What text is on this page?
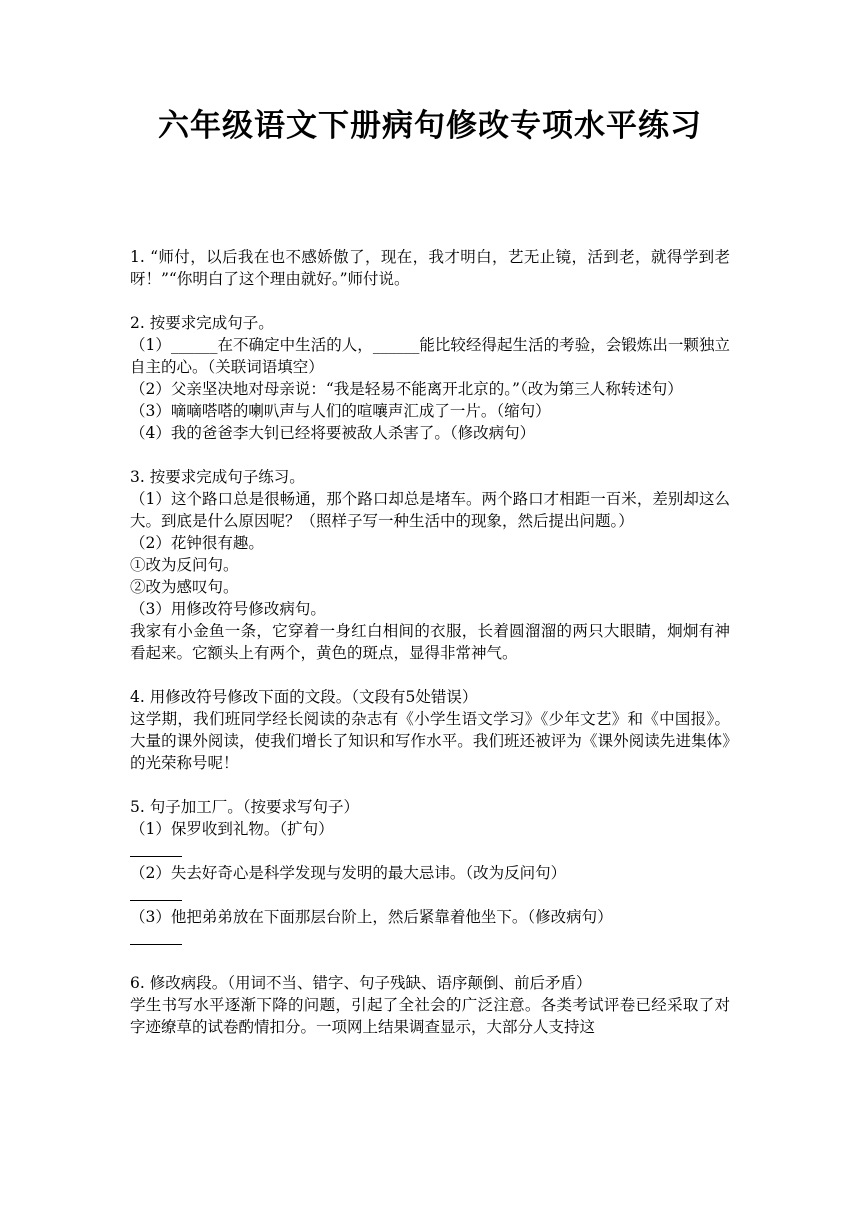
六年级语文下册病句修改专项水平练习
1. “师付，以后我在也不感娇傲了，现在，我才明白，艺无止镜，活到老，就得学到老呀！”“你明白了这个理由就好。”师付说。
2. 按要求完成句子。
（1）______在不确定中生活的人，______能比较经得起生活的考验，会锻炼出一颗独立自主的心。（关联词语填空）
（2）父亲坚决地对母亲说：“我是轻易不能离开北京的。”（改为第三人称转述句）
（3）嘀嘀嗒嗒的喇叭声与人们的喧嚷声汇成了一片。（缩句）
（4）我的爸爸李大钊已经将要被敌人杀害了。（修改病句）
3. 按要求完成句子练习。
（1）这个路口总是很畅通，那个路口却总是堵车。两个路口才相距一百米，差别却这么大。到底是什么原因呢？（照样子写一种生活中的现象，然后提出问题。）
（2）花钟很有趣。
①改为反问句。
②改为感叹句。
（3）用修改符号修改病句。
我家有小金鱼一条，它穿着一身红白相间的衣服，长着圆溜溜的两只大眼睛，炯炯有神看起来。它额头上有两个，黄色的斑点，显得非常神气。
4. 用修改符号修改下面的文段。（文段有5处错误）
这学期，我们班同学经长阅读的杂志有《小学生语文学习》《少年文艺》和《中国报》。大量的课外阅读，使我们增长了知识和写作水平。我们班还被评为《课外阅读先进集体》的光荣称号呢！
5. 句子加工厂。（按要求写句子）
（1）保罗收到礼物。（扩句）
（2）失去好奇心是科学发现与发明的最大忌讳。（改为反问句）
（3）他把弟弟放在下面那层台阶上，然后紧靠着他坐下。（修改病句）
6. 修改病段。（用词不当、错字、句子残缺、语序颠倒、前后矛盾）
学生书写水平逐渐下降的问题，引起了全社会的广泛注意。各类考试评卷已经采取了对字迹缭草的试卷酌情扣分。一项网上结果调查显示，大部分人支持这
